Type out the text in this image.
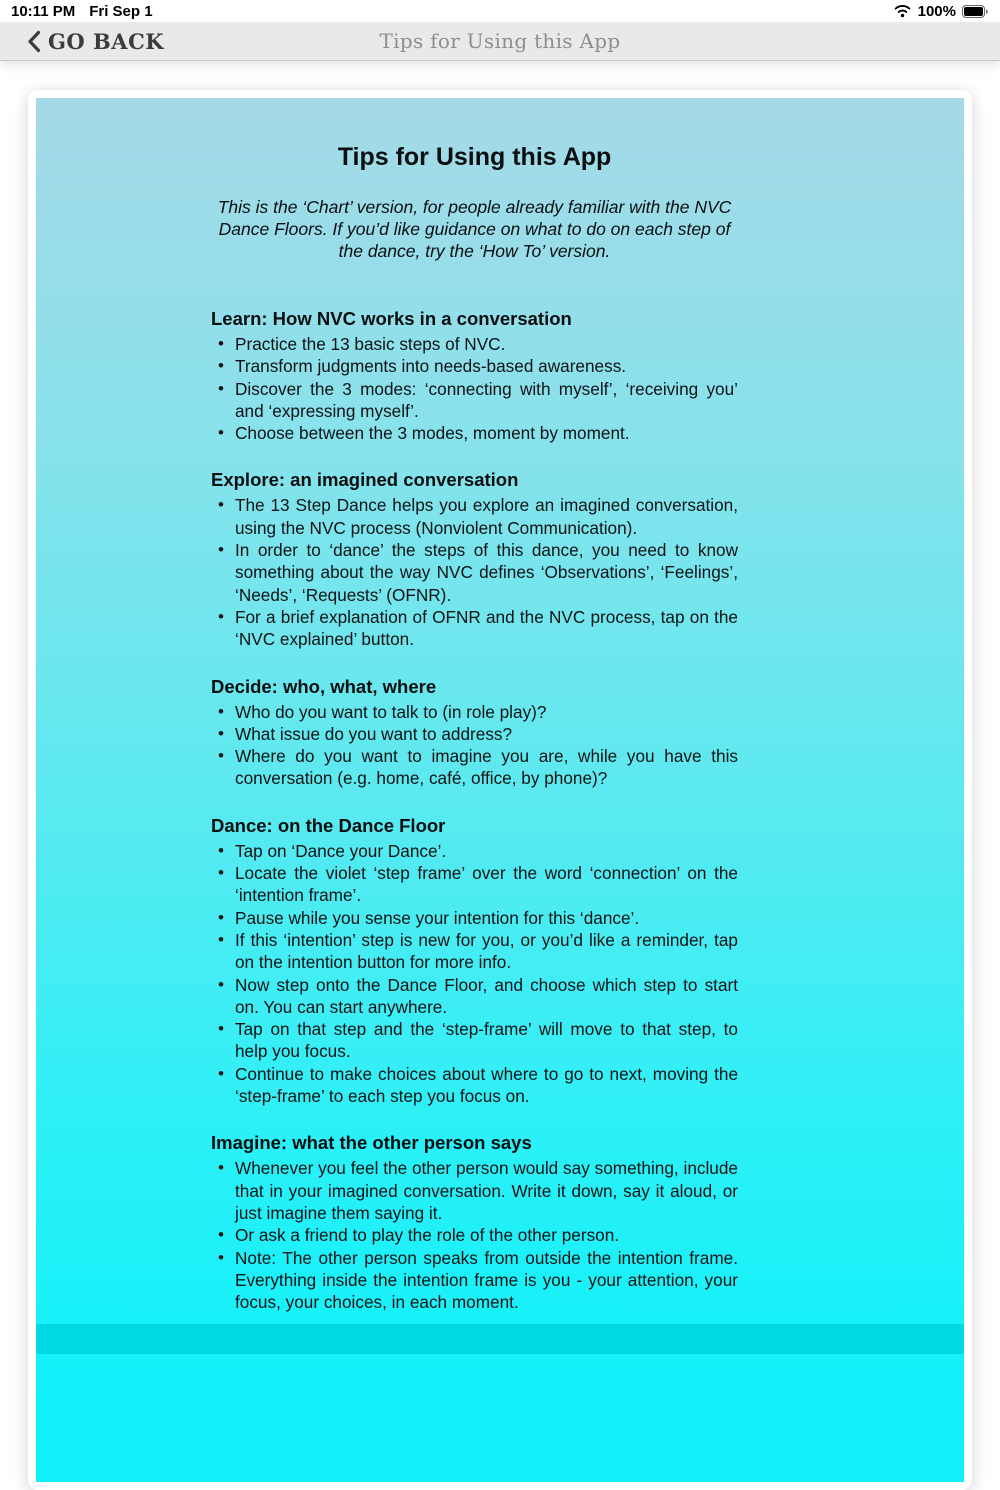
10:11 PM Fri Sep 1	100%
GO BACK	Tips for Using this App
Tips for Using this App
This is the ‘Chart’ version, for people already familiar with the NVC Dance Floors. If you’d like guidance on what to do on each step of the dance, try the ‘How To’ version.
Learn: How NVC works in a conversation
• Practice the 13 basic steps of NVC.
• Transform judgments into needs-based awareness.
• Discover the 3 modes: ‘connecting with myself’, ‘receiving you’ and ‘expressing myself’.
• Choose between the 3 modes, moment by moment.
Explore: an imagined conversation
• The 13 Step Dance helps you explore an imagined conversation, using the NVC process (Nonviolent Communication).
• In order to ‘dance’ the steps of this dance, you need to know something about the way NVC defines ‘Observations’, ‘Feelings’, ‘Needs’, ‘Requests’ (OFNR).
• For a brief explanation of OFNR and the NVC process, tap on the ‘NVC explained’ button.
Decide: who, what, where
• Who do you want to talk to (in role play)?
• What issue do you want to address?
• Where do you want to imagine you are, while you have this conversation (e.g. home, café, office, by phone)?
Dance: on the Dance Floor
• Tap on ‘Dance your Dance’.
• Locate the violet ‘step frame’ over the word ‘connection’ on the ‘intention frame’.
• Pause while you sense your intention for this ‘dance’.
• If this ‘intention’ step is new for you, or you’d like a reminder, tap on the intention button for more info.
• Now step onto the Dance Floor, and choose which step to start on. You can start anywhere.
• Tap on that step and the ‘step-frame’ will move to that step, to help you focus.
• Continue to make choices about where to go to next, moving the ‘step-frame’ to each step you focus on.
Imagine: what the other person says
• Whenever you feel the other person would say something, include that in your imagined conversation. Write it down, say it aloud, or just imagine them saying it.
• Or ask a friend to play the role of the other person.
• Note: The other person speaks from outside the intention frame. Everything inside the intention frame is you - your attention, your focus, your choices, in each moment.
